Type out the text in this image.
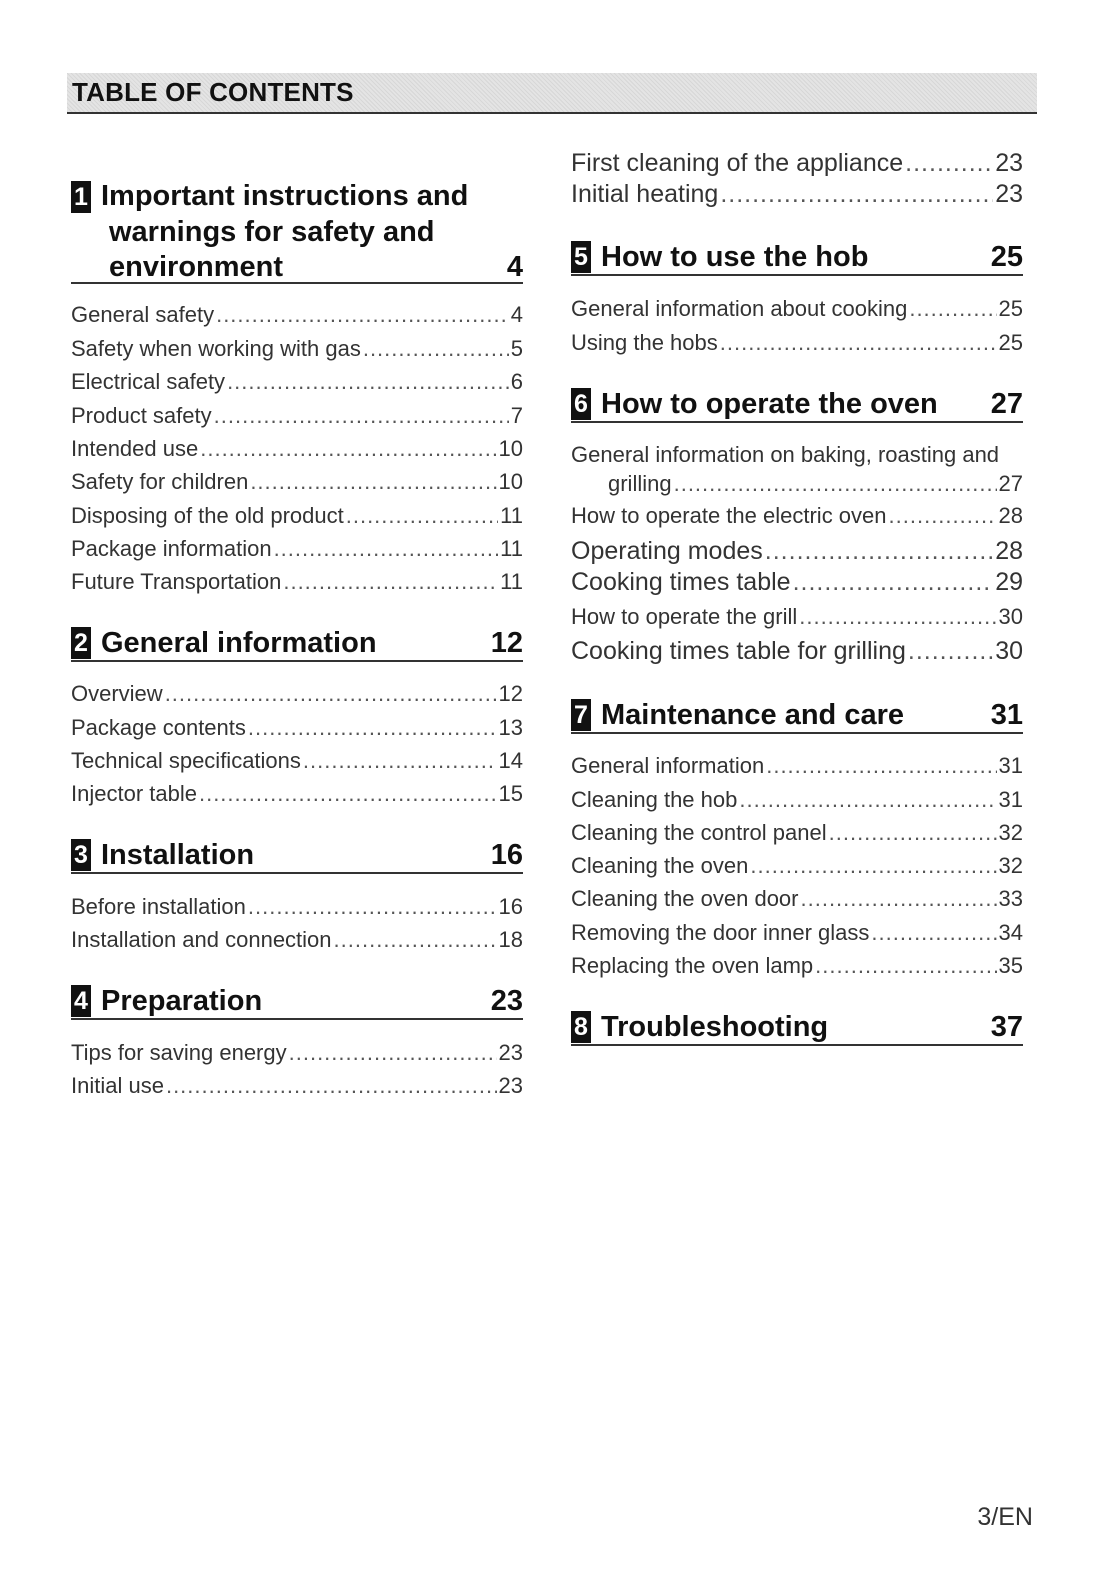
TABLE OF CONTENTS
1 Important instructions and
warnings for safety and
environment	4
General safety .....	4
Safety when working with gas .....	5
Electrical safety .....	6
Product safety .....	7
Intended use .....	10
Safety for children .....	10
Disposing of the old product .....	11
Package information .....	11
Future Transportation .....	11
2 General information	12
Overview .....	12
Package contents .....	13
Technical specifications .....	14
Injector table .....	15
3 Installation	16
Before installation .....	16
Installation and connection .....	18
4 Preparation	23
Tips for saving energy .....	23
Initial use .....	23
First cleaning of the appliance .....	23
Initial heating .....	23
5 How to use the hob	25
General information about cooking .....	25
Using the hobs .....	25
6 How to operate the oven 27
General information on baking, roasting and
grilling .....	27
How to operate the electric oven .....	28
Operating modes .....	28
Cooking times table .....	29
How to operate the grill .....	30
Cooking times table for grilling .....	30
7 Maintenance and care	31
General information .....	31
Cleaning the hob .....	31
Cleaning the control panel .....	32
Cleaning the oven .....	32
Cleaning the oven door .....	33
Removing the door inner glass .....	34
Replacing the oven lamp .....	35
8 Troubleshooting	37
3/EN
